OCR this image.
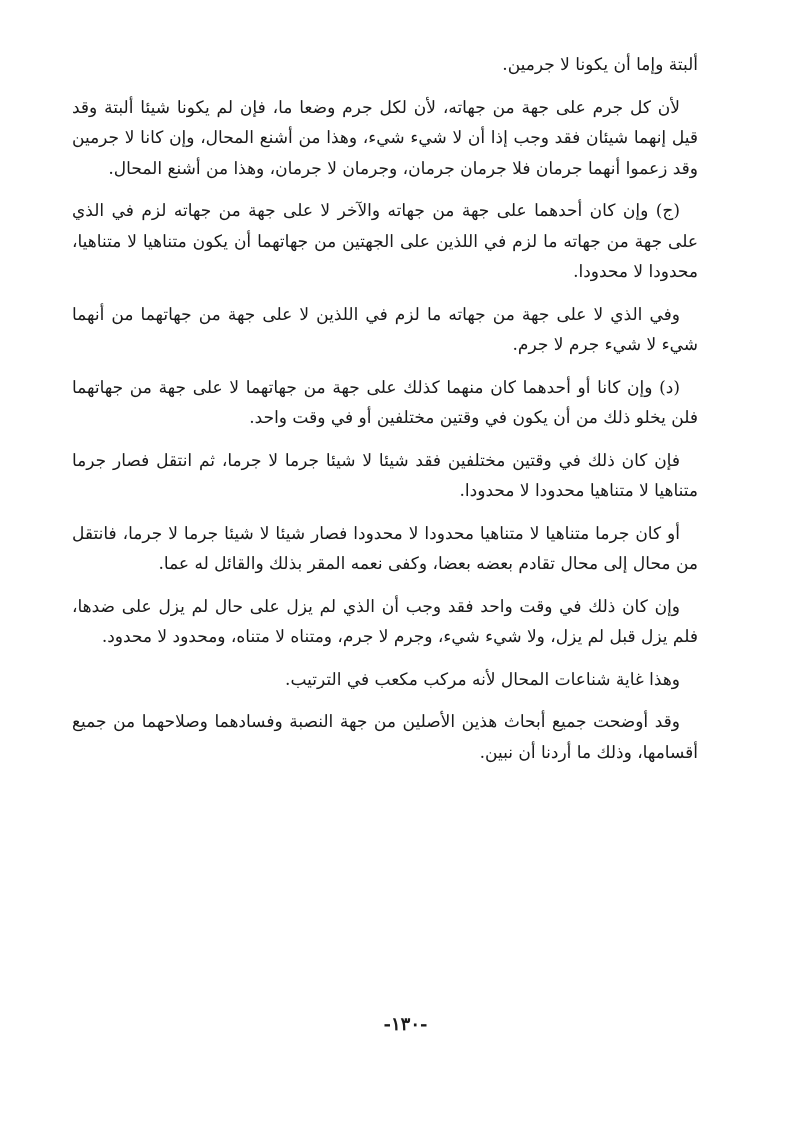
ألبتة وإما أن يكونا لا جرمين.

لأن كل جرم على جهة من جهاته، لأن لكل جرم وضعا ما، فإن لم يكونا شيئا ألبتة وقد قيل إنهما شيئان فقد وجب إذا أن لا شيء شيء، وهذا من أشنع المحال، وإن كانا لا جرمين وقد زعموا أنهما جرمان فلا جرمان جرمان، وجرمان لا جرمان، وهذا من أشنع المحال.

(ج) وإن كان أحدهما على جهة من جهاته والآخر لا على جهة من جهاته لزم في الذي على جهة من جهاته ما لزم في اللذين على الجهتين من جهاتهما أن يكون متناهيا لا متناهيا، محدودا لا محدودا.

وفي الذي لا على جهة من جهاته ما لزم في اللذين لا على جهة من جهاتهما من أنهما شيء لا شيء جرم لا جرم.

(د) وإن كانا أو أحدهما كان منهما كذلك على جهة من جهاتهما لا على جهة من جهاتهما فلن يخلو ذلك من أن يكون في وقتين مختلفين أو في وقت واحد.

فإن كان ذلك في وقتين مختلفين فقد شيئا لا شيئا جرما لا جرما، ثم انتقل فصار جرما متناهيا لا متناهيا محدودا لا محدودا.

أو كان جرما متناهيا لا متناهيا محدودا لا محدودا فصار شيئا لا شيئا جرما لا جرما، فانتقل من محال إلى محال تقادم بعضه بعضا، وكفى نعمه المقر بذلك والقائل له عما.

وإن كان ذلك في وقت واحد فقد وجب أن الذي لم يزل على حال لم يزل على ضدها، فلم يزل قبل لم يزل، ولا شيء شيء، وجرم لا جرم، ومتناه لا متناه، ومحدود لا محدود.

وهذا غاية شناعات المحال لأنه مركب مكعب في الترتيب.

وقد أوضحت جميع أبحاث هذين الأصلين من جهة النصبة وفسادهما وصلاحهما من جميع أقسامها، وذلك ما أردنا أن نبين.

-١٣٠-
